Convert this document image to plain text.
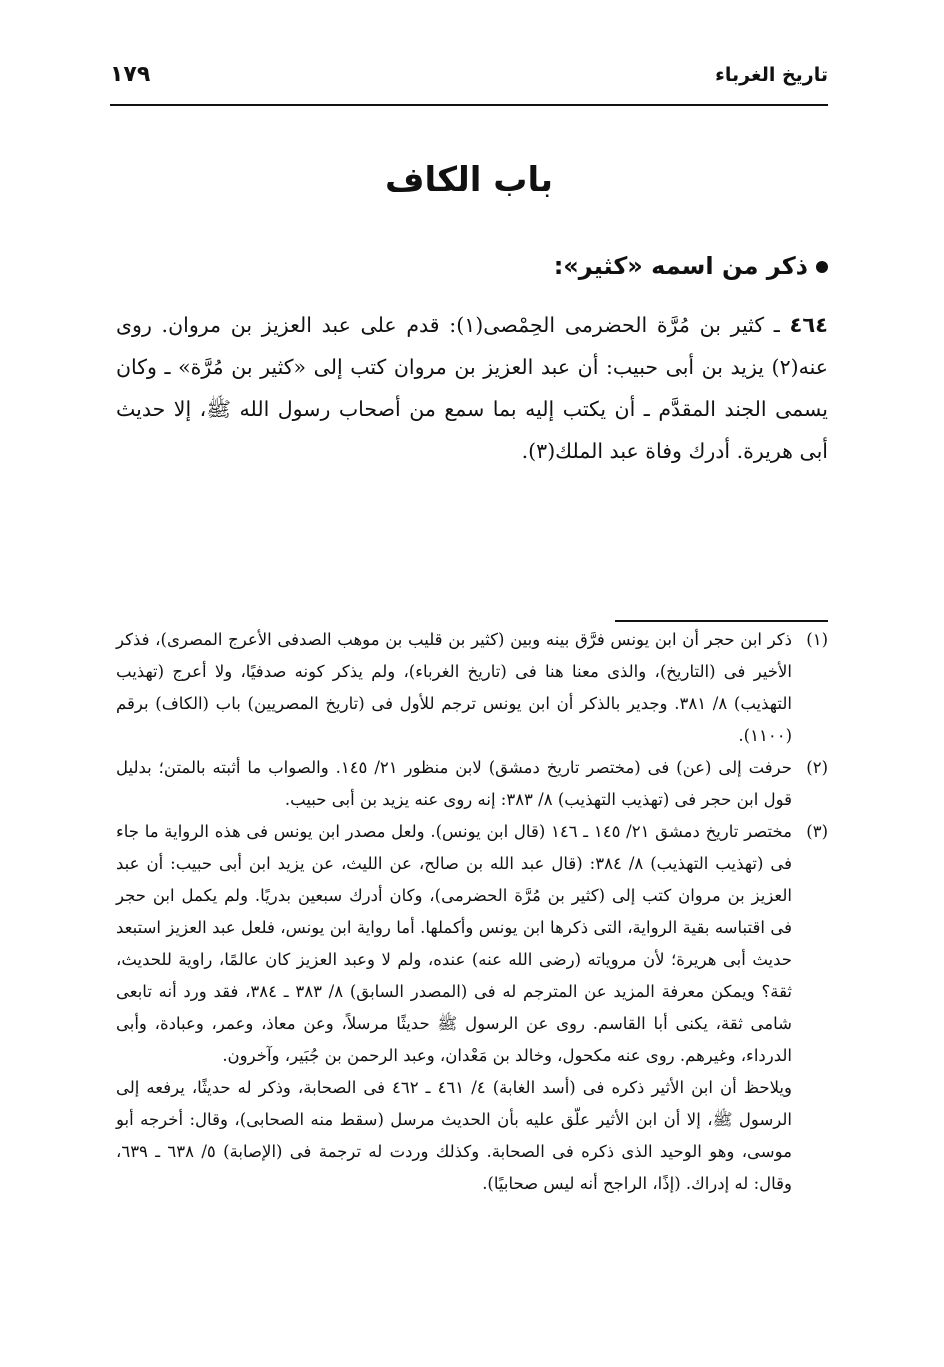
تاريخ الغرباء
١٧٩
باب الكاف
ذكر من اسمه «كثير»:
٤٦٤ ـ كثير بن مُرَّة الحضرمى الحِمْصى(١): قدم على عبد العزيز بن مروان. روى عنه(٢) يزيد بن أبى حبيب: أن عبد العزيز بن مروان كتب إلى «كثير بن مُرَّة» ـ وكان يسمى الجند المقدَّم ـ أن يكتب إليه بما سمع من أصحاب رسول الله ﷺ، إلا حديث أبى هريرة. أدرك وفاة عبد الملك(٣).
(١)
ذكر ابن حجر أن ابن يونس فرَّق بينه وبين (كثير بن قليب بن موهب الصدفى الأعرج المصرى)، فذكر الأخير فى (التاريخ)، والذى معنا هنا فى (تاريخ الغرباء)، ولم يذكر كونه صدفيًا، ولا أعرج (تهذيب التهذيب) ٨/ ٣٨١. وجدير بالذكر أن ابن يونس ترجم للأول فى (تاريخ المصريين) باب (الكاف) برقم (١١٠٠).
(٢)
حرفت إلى (عن) فى (مختصر تاريخ دمشق) لابن منظور ٢١/ ١٤٥. والصواب ما أثبته بالمتن؛ بدليل قول ابن حجر فى (تهذيب التهذيب) ٨/ ٣٨٣: إنه روى عنه يزيد بن أبى حبيب.
(٣)
مختصر تاريخ دمشق ٢١/ ١٤٥ ـ ١٤٦ (قال ابن يونس). ولعل مصدر ابن يونس فى هذه الرواية ما جاء فى (تهذيب التهذيب) ٨/ ٣٨٤: (قال عبد الله بن صالح، عن الليث، عن يزيد ابن أبى حبيب: أن عبد العزيز بن مروان كتب إلى (كثير بن مُرَّة الحضرمى)، وكان أدرك سبعين بدريًا. ولم يكمل ابن حجر فى اقتباسه بقية الرواية، التى ذكرها ابن يونس وأكملها. أما رواية ابن يونس، فلعل عبد العزيز استبعد حديث أبى هريرة؛ لأن مروياته (رضى الله عنه) عنده، ولم لا وعبد العزيز كان عالمًا، راوية للحديث، ثقة؟ ويمكن معرفة المزيد عن المترجم له فى (المصدر السابق) ٨/ ٣٨٣ ـ ٣٨٤، فقد ورد أنه تابعى شامى ثقة، يكنى أبا القاسم. روى عن الرسول ﷺ حديثًا مرسلاً، وعن معاذ، وعمر، وعبادة، وأبى الدرداء، وغيرهم. روى عنه مكحول، وخالد بن مَعْدان، وعبد الرحمن بن جُبَير، وآخرون.
ويلاحظ أن ابن الأثير ذكره فى (أسد الغابة) ٤/ ٤٦١ ـ ٤٦٢ فى الصحابة، وذكر له حديثًا، يرفعه إلى الرسول ﷺ، إلا أن ابن الأثير علّق عليه بأن الحديث مرسل (سقط منه الصحابى)، وقال: أخرجه أبو موسى، وهو الوحيد الذى ذكره فى الصحابة. وكذلك وردت له ترجمة فى (الإصابة) ٥/ ٦٣٨ ـ ٦٣٩، وقال: له إدراك. (إذًا، الراجح أنه ليس صحابيًا).
